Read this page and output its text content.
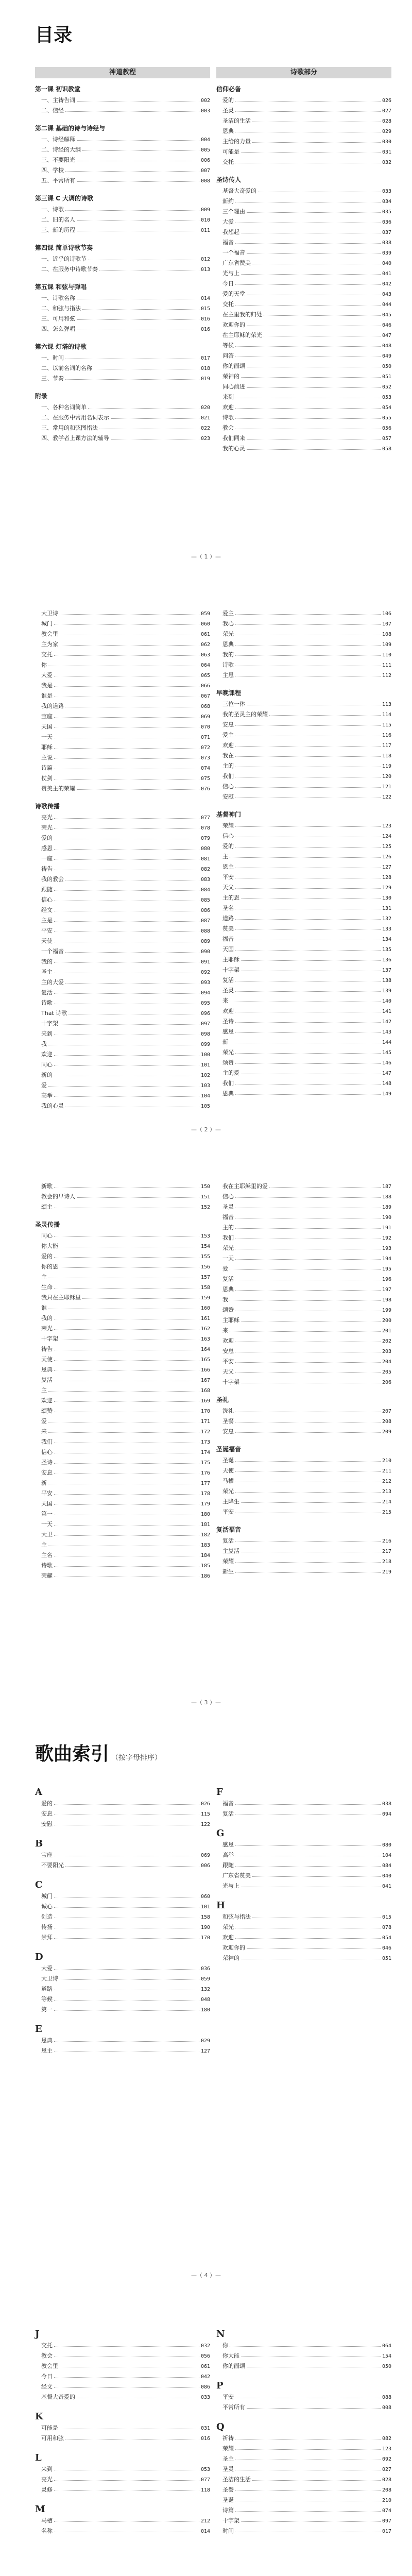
目录
神道教程	诗歌部分
第一课 初识教堂
一、主祷告词	002
二、信经	003
第二课 基础的诗与诗经与
一、诗经解释	004
二、诗经的大纲	005
三、不要阳光	006
四、学校	007
五、平常所有	008
第三课 C 大调的诗歌
一、诗歌	009
二、旧的名人	010
三、新的历程	011
第四课 简单诗歌节奏
一、近乎的诗歌节	012
二、在服务中诗歌节奏	013
第五课 和弦与弹唱
一、诗歌名称	014
二、和弦与指法	015
三、可用和弦	016
四、怎么弹唱	016
第六课 灯塔的诗歌
一、时间	017
二、以前名词的名称	018
三、节奏	019
附录
一、各种名词简单	020
二、在服务中常用名词表示	021
三、常用的和弦图指法	022
四、教学者上课方法的辅导	023
信仰必备
爱的	026
圣灵	027
圣洁的生活	028
恩典	029
主给的力量	030
可能是	031
交托	032
圣诗传人
基督大奇爱的	033
新约	034
三个理由	035
大爱	036
我想起	037
福音	038
一个福音	039
广东省赞美	040
光与上	041
今日	042
爱的天堂	043
交托	044
在主里我的归处	045
欢迎你的	046
在主耶稣的荣光	047
等候	048
问答	049
你的面颂	050
荣神的	051
同心前进	052
来到	053
欢迎	054
诗歌	055
教会	056
我们同来	057
我的心灵	058
—（ 1 ）—
大卫诗	059
城门	060
教会里	061
主为家	062
交托	063
你	064
大爱	065
我是	066
谁是	067
我的道路	068
宝座	069
天国	070
一天	071
耶稣	072
主说	073
诗篇	074
仗剑	075
赞美主的荣耀	076
诗歌传播
亮光	077
荣光	078
爱的	079
感恩	080
一座	081
祷告	082
我的教会	083
跟随	084
信心	085
经文	086
主是	087
平安	088
天使	089
一个福音	090
我的	091
圣主	092
主的大爱	093
复活	094
诗歌	095
That 诗歌	096
十字架	097
来到	098
我	099
欢迎	100
同心	101
新的	102
爱	103
高举	104
我的心灵	105
爱主	106
我心	107
荣光	108
恩典	109
我的	110
诗歌	111
主恩	112
早晚课程
三位一体	113
我的圣灵主的荣耀	114
安息	115
爱主	116
欢迎	117
我在	118
主的	119
我们	120
信心	121
安慰	122
基督神门
荣耀	123
信心	124
爱的	125
主	126
恩主	127
平安	128
天父	129
主的恩	130
圣名	131
道路	132
赞美	133
福音	134
天国	135
主耶稣	136
十字架	137
复活	138
圣灵	139
来	140
欢迎	141
圣诗	142
感恩	143
新	144
荣光	145
颂赞	146
主的爱	147
我们	148
恩典	149
—（ 2 ）—
新歌	150
教会的早诗人	151
颂主	152
圣灵传播
同心	153
你大能	154
爱的	155
你的恩	156
主	157
生命	158
我只在主耶稣里	159
谁	160
我的	161
荣光	162
十字架	163
祷告	164
天使	165
恩典	166
复活	167
主	168
欢迎	169
颂赞	170
爱	171
来	172
我们	173
信心	174
圣诗	175
安息	176
新	177
平安	178
天国	179
第一	180
一天	181
大卫	182
主	183
主名	184
诗歌	185
荣耀	186
我在主耶稣里的爱	187
信心	188
圣灵	189
福音	190
主的	191
我们	192
荣光	193
一天	194
爱	195
复活	196
恩典	197
我	198
颂赞	199
主耶稣	200
来	201
欢迎	202
安息	203
平安	204
天父	205
十字架	206
圣礼
洗礼	207
圣餐	208
安息	209
圣诞福音
圣诞	210
天使	211
马槽	212
荣光	213
主降生	214
平安	215
复活福音
复活	216
主复活	217
荣耀	218
新生	219
—（ 3 ）—
歌曲索引 （按字母排序）
A
爱的	026
安息	115
安慰	122
B
宝座	069
不要阳光	006
C
城门	060
诚心	101
创造	158
传扬	190
崇拜	170
D
大爱	036
大卫诗	059
道路	132
等候	048
第一	180
E
恩典	029
恩主	127
F
福音	038
复活	094
G
感恩	080
高举	104
跟随	084
广东省赞美	040
光与上	041
H
和弦与指法	015
荣光	078
欢迎	054
欢迎你的	046
荣神的	051
—（ 4 ）—
J
交托	032
教会	056
教会里	061
今日	042
经文	086
基督大奇爱的	033
K
可能是	031
可用和弦	016
L
来到	053
亮光	077
灵修	118
M
马槽	212
名称	014
N
你	064
你大能	154
你的面颂	050
P
平安	088
平常所有	008
Q
祈祷	082
荣耀	123
圣主	092
圣灵	027
圣洁的生活	028
圣餐	208
圣诞	210
诗篇	074
十字架	097
时间	017
